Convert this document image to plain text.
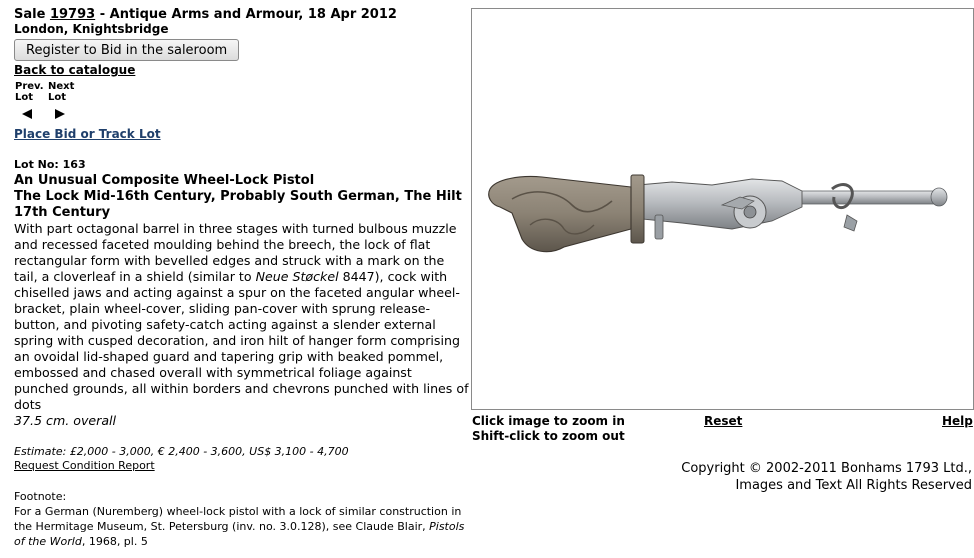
Sale 19793 - Antique Arms and Armour, 18 Apr 2012
London, Knightsbridge
Register to Bid in the saleroom
Back to catalogue
Prev.
Lot
Next
Lot
Place Bid or Track Lot
Lot No: 163
An Unusual Composite Wheel-Lock Pistol
The Lock Mid-16th Century, Probably South German, The Hilt 17th Century
With part octagonal barrel in three stages with turned bulbous muzzle and recessed faceted moulding behind the breech, the lock of flat rectangular form with bevelled edges and struck with a mark on the tail, a cloverleaf in a shield (similar to Neue Støckel 8447), cock with chiselled jaws and acting against a spur on the faceted angular wheel-bracket, plain wheel-cover, sliding pan-cover with sprung release-button, and pivoting safety-catch acting against a slender external spring with cusped decoration, and iron hilt of hanger form comprising an ovoidal lid-shaped guard and tapering grip with beaked pommel, embossed and chased overall with symmetrical foliage against punched grounds, all within borders and chevrons punched with lines of dots
37.5 cm. overall
Estimate: £2,000 - 3,000, € 2,400 - 3,600, US$ 3,100 - 4,700
Request Condition Report
Footnote:
For a German (Nuremberg) wheel-lock pistol with a lock of similar construction in the Hermitage Museum, St. Petersburg (inv. no. 3.0.128), see Claude Blair, Pistols of the World, 1968, pl. 5
Click image to zoom in
Shift-click to zoom out
Reset	Help
Copyright © 2002-2011 Bonhams 1793 Ltd.,
Images and Text All Rights Reserved
